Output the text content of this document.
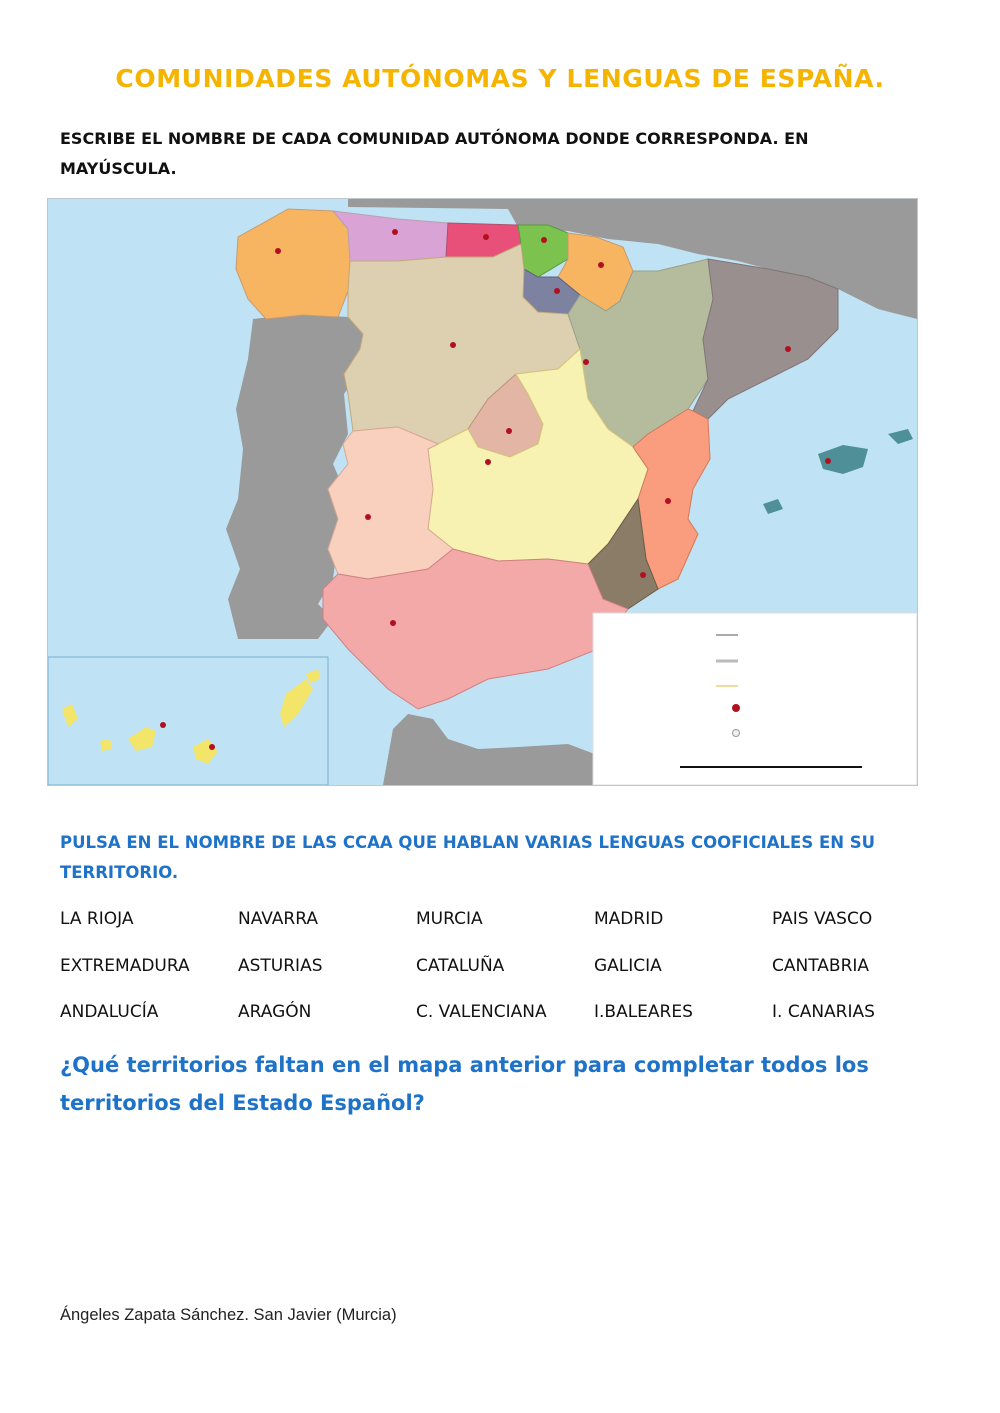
COMUNIDADES AUTÓNOMAS Y LENGUAS DE ESPAÑA.
ESCRIBE EL NOMBRE DE CADA COMUNIDAD AUTÓNOMA DONDE CORRESPONDA. EN MAYÚSCULA.
PULSA EN EL NOMBRE DE LAS CCAA QUE HABLAN VARIAS LENGUAS COOFICIALES EN SU TERRITORIO.
LA RIOJA	NAVARRA	MURCIA	MADRID	PAIS VASCO
EXTREMADURA	ASTURIAS	CATALUÑA	GALICIA	CANTABRIA
ANDALUCÍA	ARAGÓN	C. VALENCIANA	I.BALEARES	I. CANARIAS
¿Qué territorios faltan en el mapa anterior para completar todos los territorios del Estado Español?
Ángeles Zapata Sánchez. San Javier (Murcia)
